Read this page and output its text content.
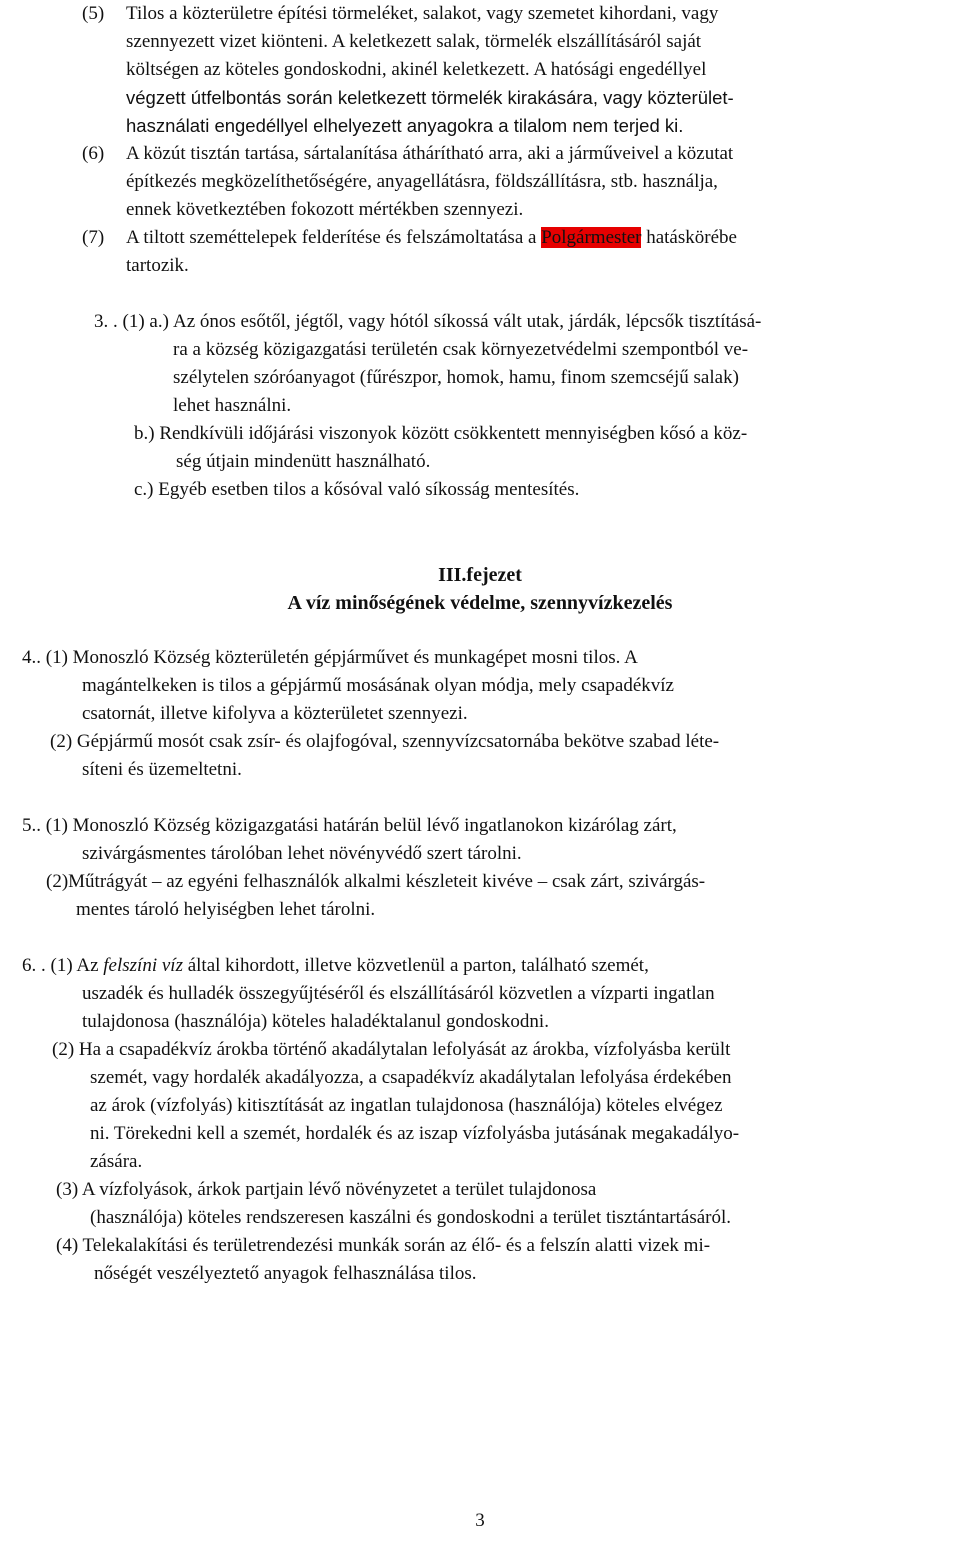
(5) Tilos a közterületre építési törmeléket, salakot, vagy szemetet kihordani, vagy
szennyezett vizet kiönteni. A keletkezett salak, törmelék elszállításáról saját
költségen az köteles gondoskodni, akinél keletkezett. A hatósági engedéllyel
végzett útfelbontás során keletkezett törmelék kirakására, vagy közterület-
használati engedéllyel elhelyezett anyagokra a tilalom nem terjed ki.
(6) A közút tisztán tartása, sártalanítása áthárítható arra, aki a járműveivel a közutat
építkezés megközelíthetőségére, anyagellátásra, földszállításra, stb. használja,
ennek következtében fokozott mértékben szennyezi.
(7) A tiltott szeméttelepek felderítése és felszámoltatása a Polgármester hatáskörébe
tartozik.
3. . (1) a.) Az ónos esőtől, jégtől, vagy hótól síkossá vált utak, járdák, lépcsők tisztításá-
ra a község közigazgatási területén csak környezetvédelmi szempontból ve-
szélytelen szóróanyagot (fűrészpor, homok, hamu, finom szemcséjű salak)
lehet használni.
b.) Rendkívüli időjárási viszonyok között csökkentett mennyiségben kősó a köz-
ség útjain mindenütt használható.
c.) Egyéb esetben tilos a kősóval való síkosság mentesítés.
III.fejezet
A víz minőségének védelme, szennyvízkezelés
4.. (1) Monoszló Község közterületén gépjárművet és munkagépet mosni tilos. A
magántelkeken is tilos a gépjármű mosásának olyan módja, mely csapadékvíz
csatornát, illetve kifolyva a közterületet szennyezi.
(2) Gépjármű mosót csak zsír- és olajfogóval, szennyvízcsatornába bekötve szabad léte-
síteni és üzemeltetni.
5.. (1) Monoszló Község közigazgatási határán belül lévő ingatlanokon kizárólag zárt,
szivárgásmentes tárolóban lehet növényvédő szert tárolni.
(2)Műtrágyát – az egyéni felhasználók alkalmi készleteit kivéve – csak zárt, szivárgás-
mentes tároló helyiségben lehet tárolni.
6. . (1) Az felszíni víz által kihordott, illetve közvetlenül a parton, található szemét,
uszadék és hulladék összegyűjtéséről és elszállításáról közvetlen a vízparti ingatlan
tulajdonosa (használója) köteles haladéktalanul gondoskodni.
(2) Ha a csapadékvíz árokba történő akadálytalan lefolyását az árokba, vízfolyásba került
szemét, vagy hordalék akadályozza, a csapadékvíz akadálytalan lefolyása érdekében
az árok (vízfolyás) kitisztítását az ingatlan tulajdonosa (használója) köteles elvégez
ni. Törekedni kell a szemét, hordalék és az iszap vízfolyásba jutásának megakadályo-
zására.
(3) A vízfolyások, árkok partjain lévő növényzetet a terület tulajdonosa
(használója) köteles rendszeresen kaszálni és gondoskodni a terület tisztántartásáról.
(4) Telekalakítási és területrendezési munkák során az élő- és a felszín alatti vizek mi-
nőségét veszélyeztető anyagok felhasználása tilos.
3
